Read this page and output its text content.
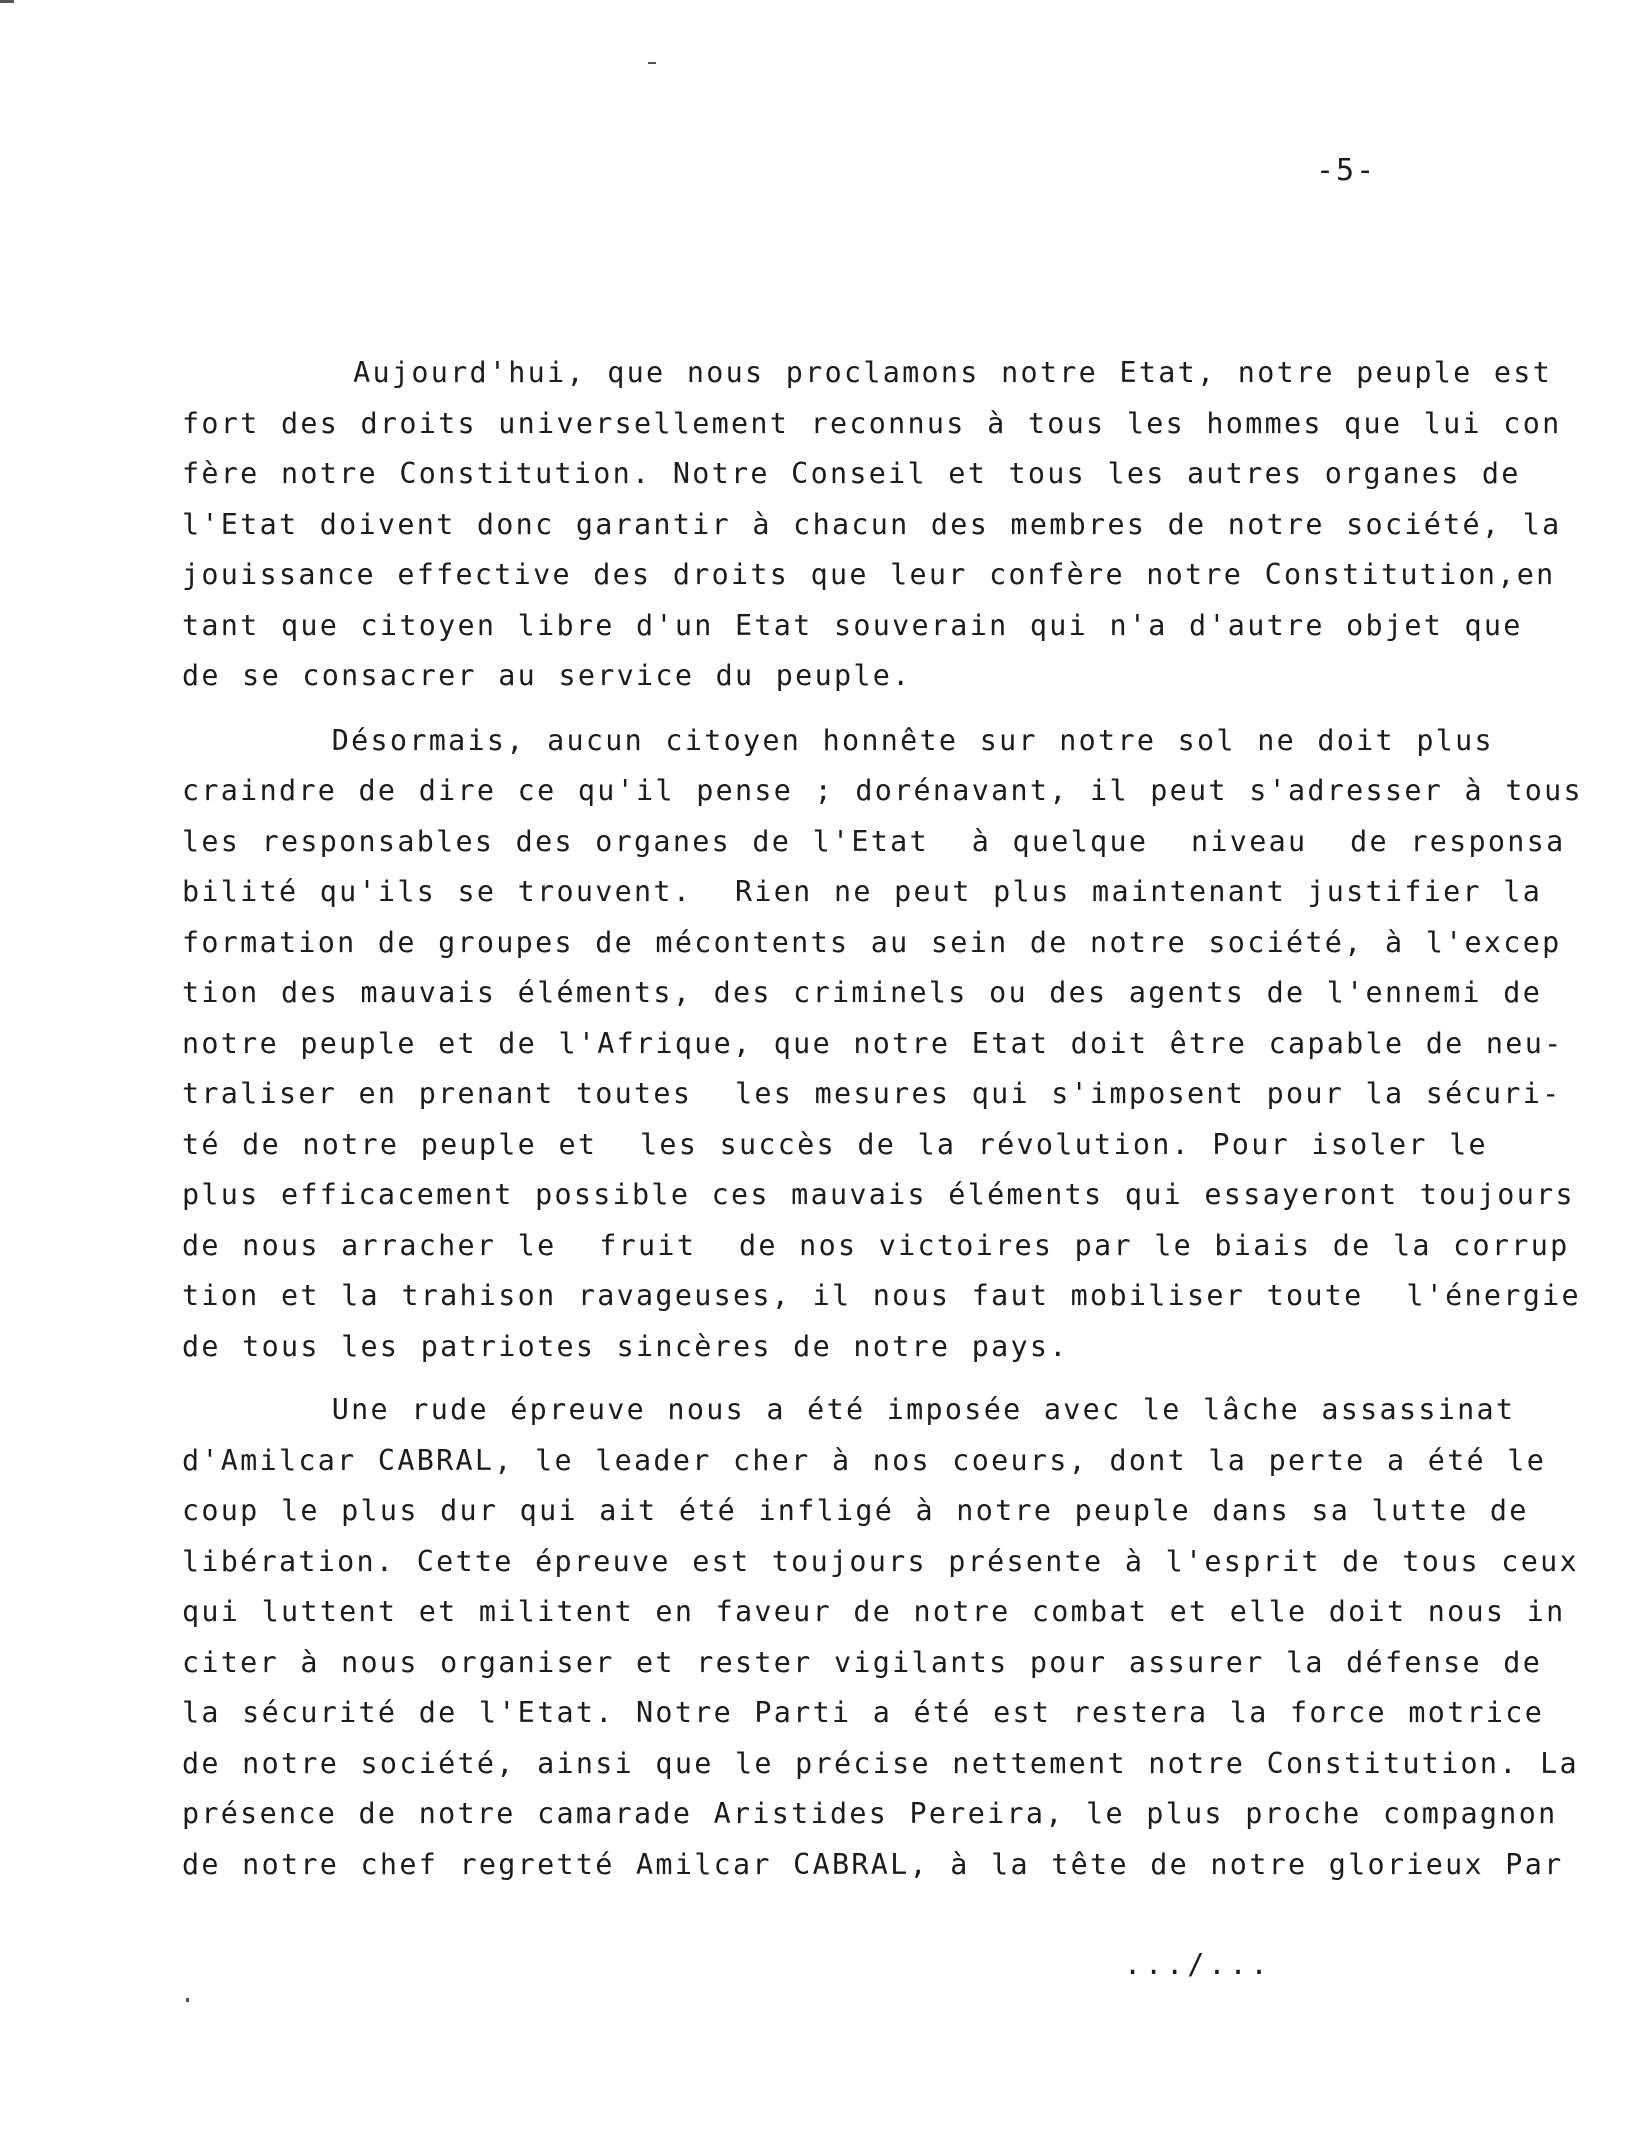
-5-
Aujourd'hui, que nous proclamons notre Etat, notre peuple est
fort des droits universellement reconnus à tous les hommes que lui con
fère notre Constitution. Notre Conseil et tous les autres organes de
l'Etat doivent donc garantir à chacun des membres de notre société, la
jouissance effective des droits que leur confère notre Constitution,en
tant que citoyen libre d'un Etat souverain qui n'a d'autre objet que
de se consacrer au service du peuple.
Désormais, aucun citoyen honnête sur notre sol ne doit plus
craindre de dire ce qu'il pense ; dorénavant, il peut s'adresser à tous
les responsables des organes de l'Etat  à quelque  niveau  de responsa
bilité qu'ils se trouvent.  Rien ne peut plus maintenant justifier la
formation de groupes de mécontents au sein de notre société, à l'excep
tion des mauvais éléments, des criminels ou des agents de l'ennemi de
notre peuple et de l'Afrique, que notre Etat doit être capable de neu-
traliser en prenant toutes  les mesures qui s'imposent pour la sécuri-
té de notre peuple et  les succès de la révolution. Pour isoler le
plus efficacement possible ces mauvais éléments qui essayeront toujours
de nous arracher le  fruit  de nos victoires par le biais de la corrup
tion et la trahison ravageuses, il nous faut mobiliser toute  l'énergie
de tous les patriotes sincères de notre pays.
Une rude épreuve nous a été imposée avec le lâche assassinat
d'Amilcar CABRAL, le leader cher à nos coeurs, dont la perte a été le
coup le plus dur qui ait été infligé à notre peuple dans sa lutte de
libération. Cette épreuve est toujours présente à l'esprit de tous ceux
qui luttent et militent en faveur de notre combat et elle doit nous in
citer à nous organiser et rester vigilants pour assurer la défense de
la sécurité de l'Etat. Notre Parti a été est restera la force motrice
de notre société, ainsi que le précise nettement notre Constitution. La
présence de notre camarade Aristides Pereira, le plus proche compagnon
de notre chef regretté Amilcar CABRAL, à la tête de notre glorieux Par
.../...
